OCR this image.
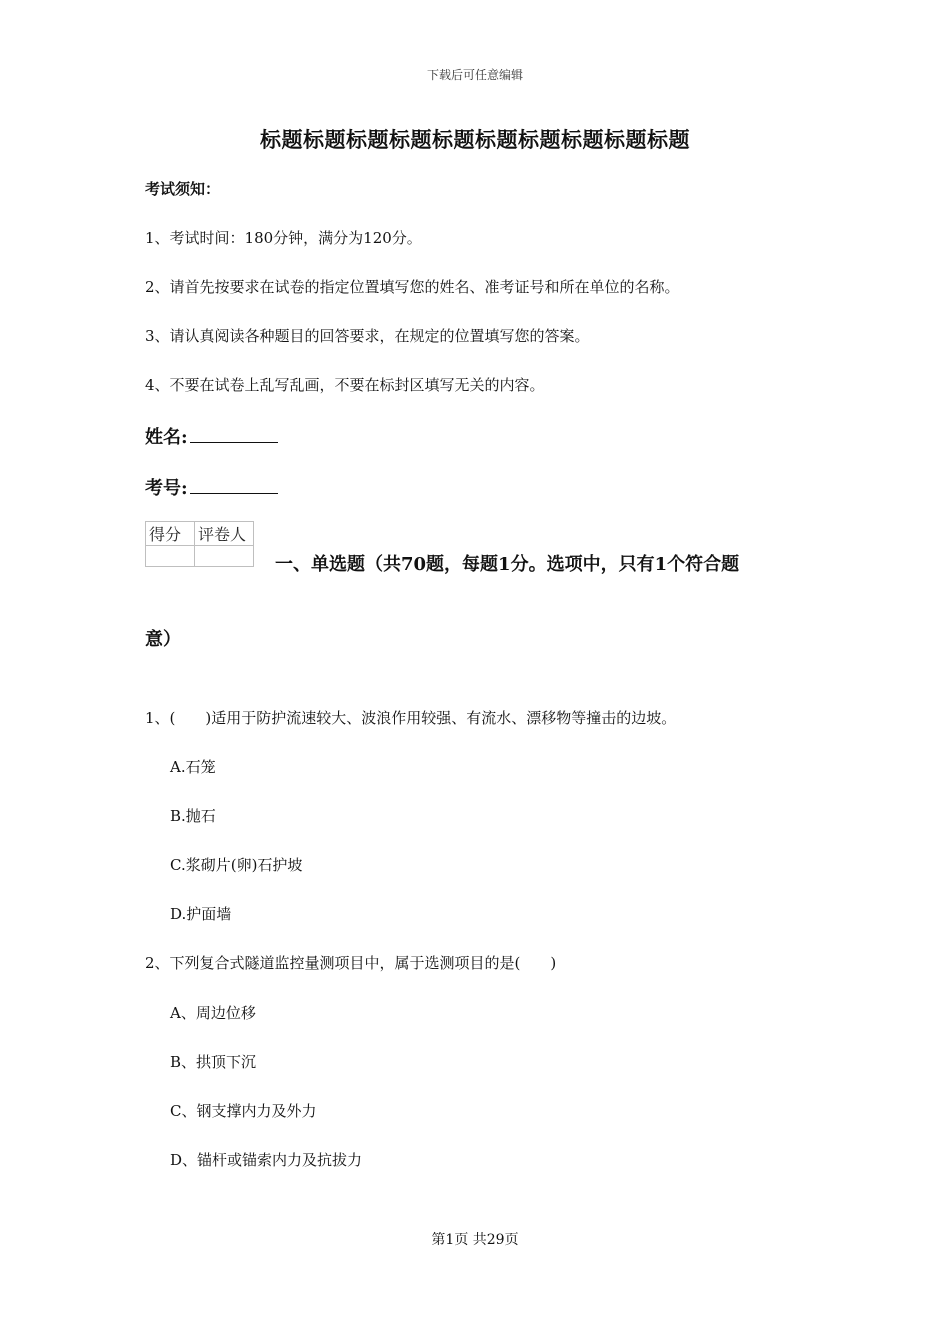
下载后可任意编辑
标题标题标题标题标题标题标题标题标题标题
考试须知：
1、考试时间：180分钟，满分为120分。
2、请首先按要求在试卷的指定位置填写您的姓名、准考证号和所在单位的名称。
3、请认真阅读各种题目的回答要求，在规定的位置填写您的答案。
4、不要在试卷上乱写乱画，不要在标封区填写无关的内容。
姓名:
考号:
得分	评卷人

一、单选题（共70题，每题1分。选项中，只有1个符合题
意）
1、(　　)适用于防护流速较大、波浪作用较强、有流水、漂移物等撞击的边坡。
A.石笼
B.抛石
C.浆砌片(卵)石护坡
D.护面墙
2、下列复合式隧道监控量测项目中，属于选测项目的是(　　)
A、周边位移
B、拱顶下沉
C、钢支撑内力及外力
D、锚杆或锚索内力及抗拔力
第1页 共29页
